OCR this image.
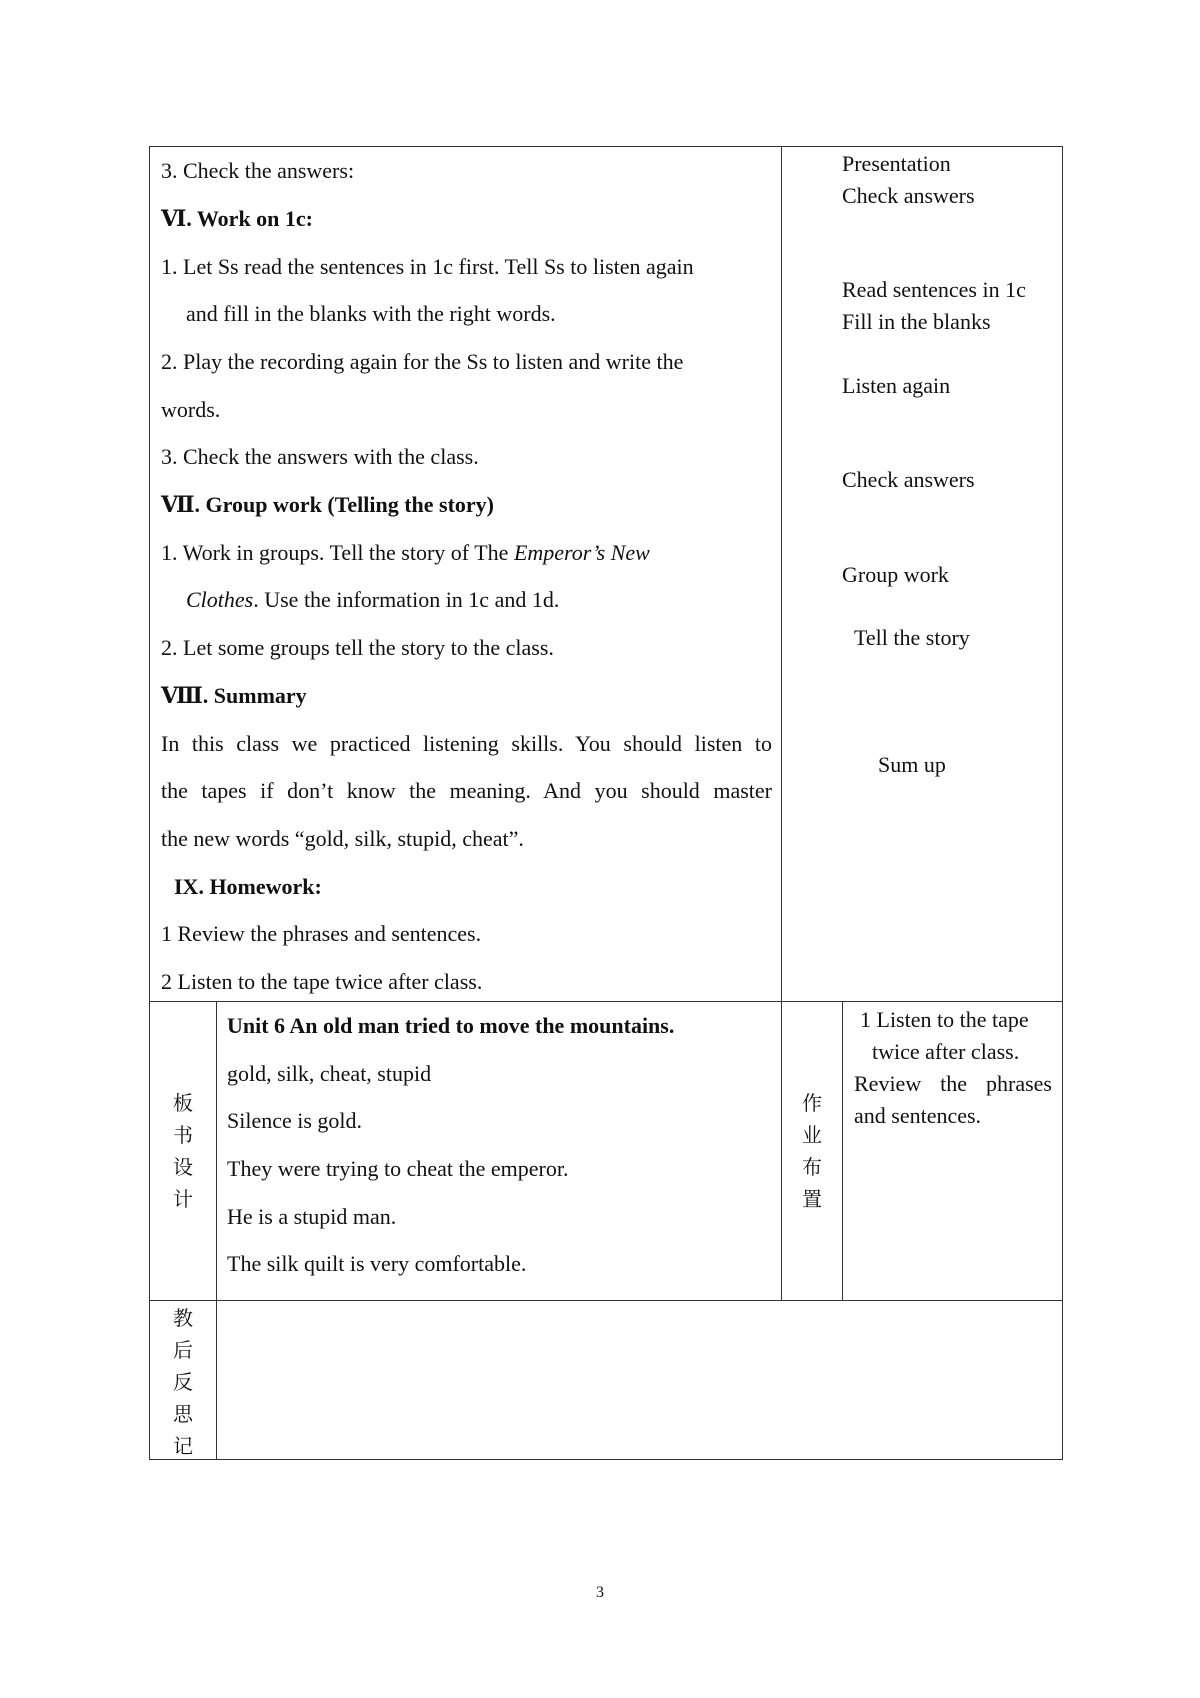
3. Check the answers:
Ⅵ. Work on 1c:
1. Let Ss read the sentences in 1c first. Tell Ss to listen again
and fill in the blanks with the right words.
2. Play the recording again for the Ss to listen and write the
words.
3. Check the answers with the class.
Ⅶ. Group work (Telling the story)
1. Work in groups. Tell the story of The Emperor’s New
Clothes. Use the information in 1c and 1d.
2. Let some groups tell the story to the class.
Ⅷ. Summary
In this class we practiced listening skills. You should listen to
the tapes if don’t know the meaning. And you should master
the new words “gold, silk, stupid, cheat”.
IX. Homework:
1 Review the phrases and sentences.
2 Listen to the tape twice after class.
Presentation
Check answers
Read sentences in 1c
Fill in the blanks
Listen again
Check answers
Group work
Tell the story
Sum up
板
书
设
计
Unit 6 An old man tried to move the mountains.
gold, silk, cheat, stupid
Silence is gold.
They were trying to cheat the emperor.
He is a stupid man.
The silk quilt is very comfortable.
作
业
布
置
1 Listen to the tape
twice after class.
Review the phrases
and sentences.
教
后
反
思
记
3
